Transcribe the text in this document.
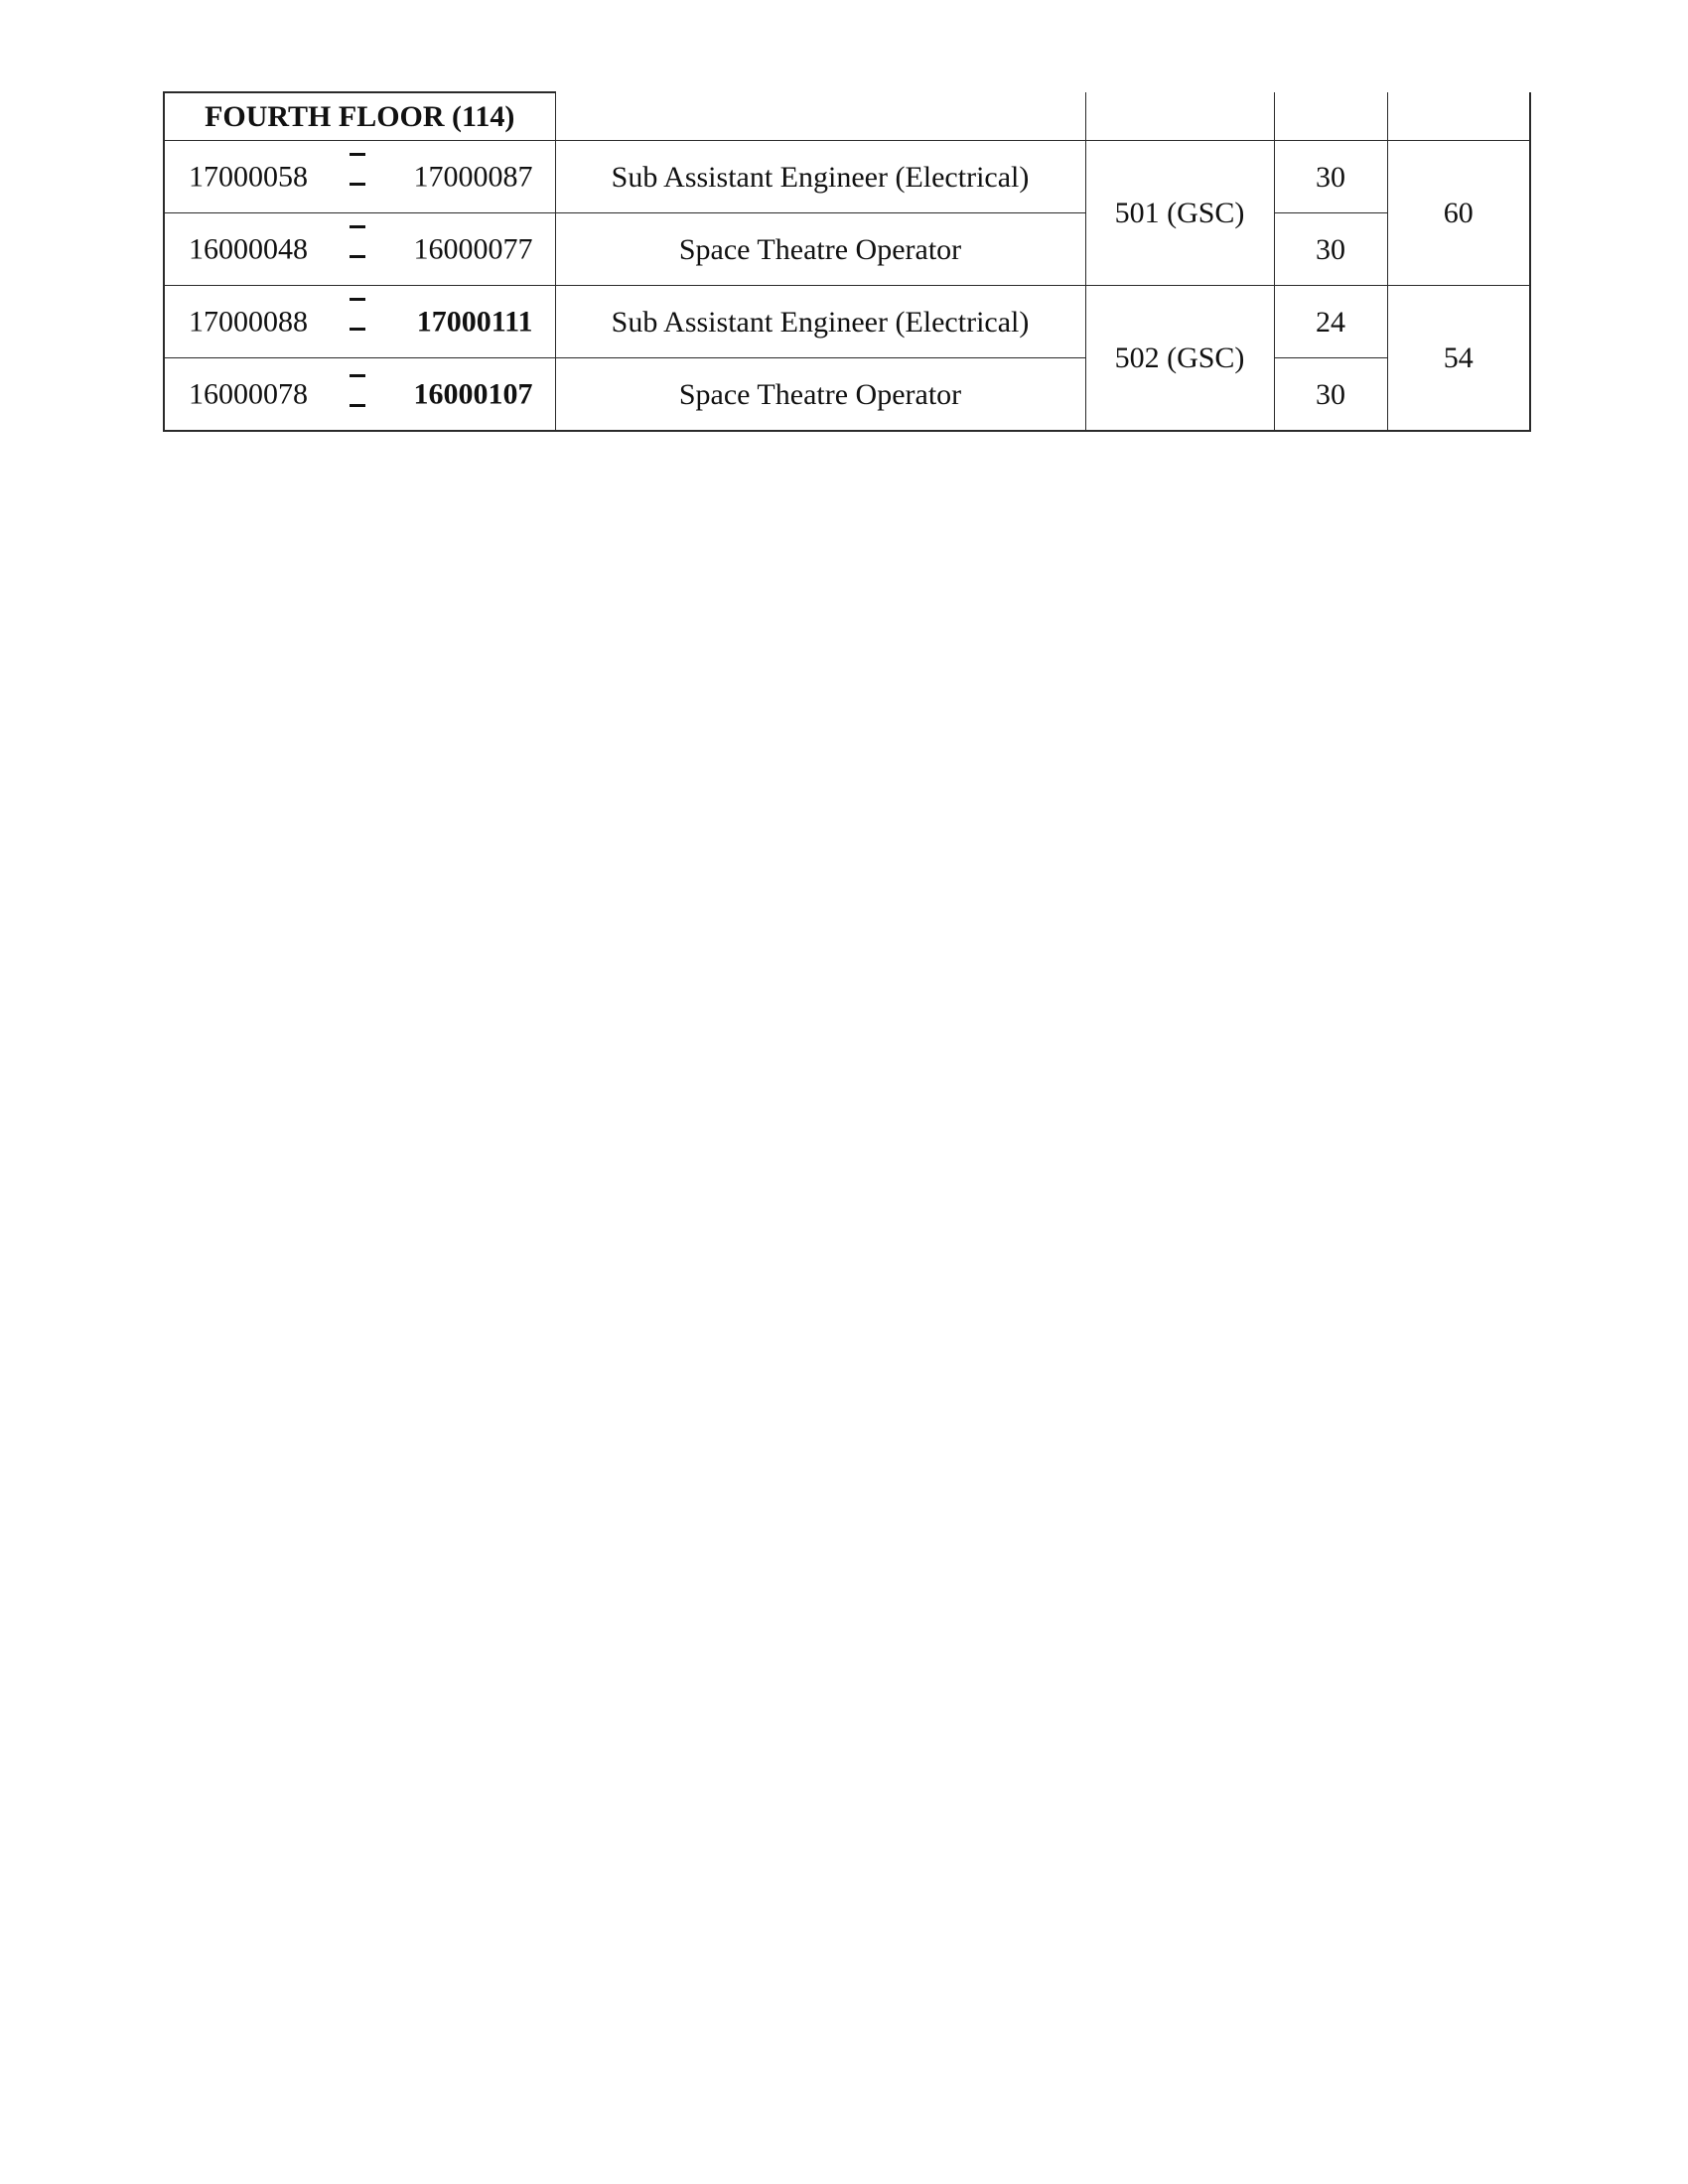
FOURTH FLOOR (114)				

17000058 17000087	Sub Assistant Engineer (Electrical)	501 (GSC)	30	60

16000048 16000077	Space Theatre Operator		30	

17000088 17000111	Sub Assistant Engineer (Electrical)	502 (GSC)	24	54

16000078 16000107	Space Theatre Operator		30	
